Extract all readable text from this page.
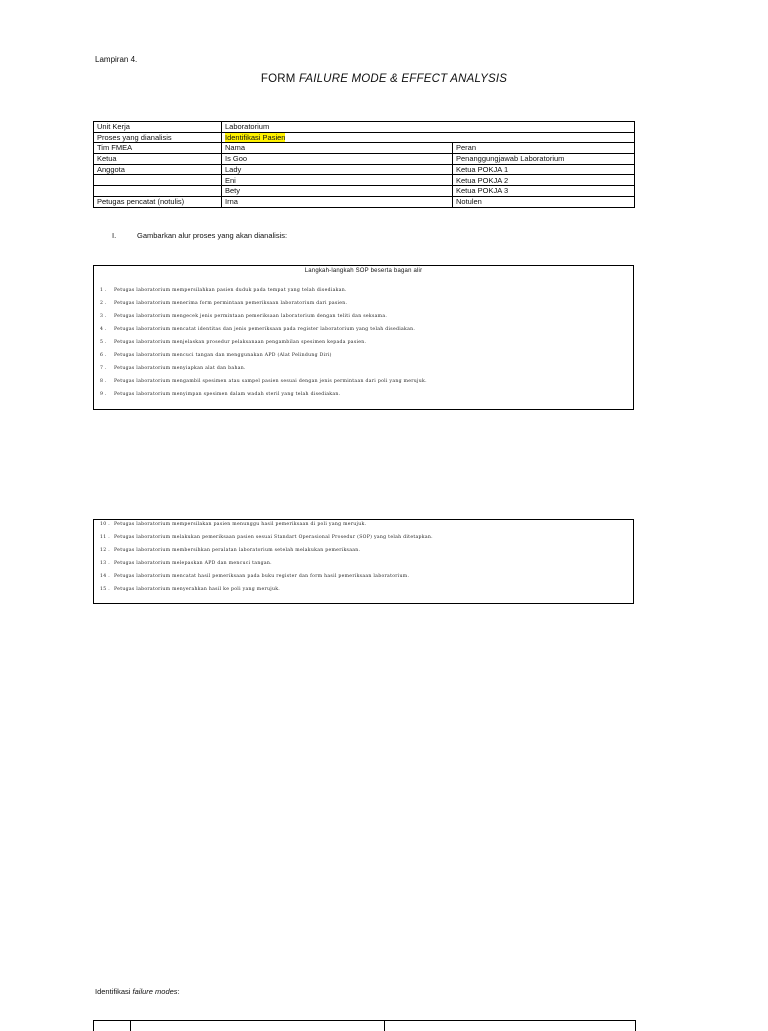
Lampiran 4.
FORM FAILURE MODE & EFFECT ANALYSIS
Unit Kerja	Laboratorium	
Proses yang dianalisis	Identifikasi Pasien	
Tim FMEA	Nama	Peran
Ketua	Is Goo	Penanggungjawab Laboratorium
Anggota	Lady	Ketua POKJA 1
	Eni	Ketua POKJA 2
	Bety	Ketua POKJA 3
Petugas pencatat (notulis)	Irna	Notulen
I.	Gambarkan alur proses yang akan dianalisis:
Langkah-langkah SOP beserta bagan alir
1 . Petugas laboratorium mempersilahkan pasien duduk pada tempat yang telah disediakan.
2 . Petugas laboratorium menerima form permintaan pemeriksaan laboratorium dari pasien.
3 . Petugas laboratorium mengecek jenis permintaan pemeriksaan laboratorium dengan teliti dan seksama.
4 . Petugas laboratorium mencatat identitas dan jenis pemeriksaan pada register laboratorium yang telah disediakan.
5 . Petugas laboratorium menjelaskan prosedur pelaksanaan pengambilan spesimen kepada pasien.
6 . Petugas laboratorium mencuci tangan dan menggunakan APD (Alat Pelindung Diri)
7 . Petugas laboratorium menyiapkan alat dan bahan.
8 . Petugas laboratorium mengambil spesimen atau sampel pasien sesuai dengan jenis permintaan dari poli yang merujuk.
9 . Petugas laboratorium menyimpan spesimen dalam wadah steril yang telah disediakan.
10 . Petugas laboratorium mempersilakan pasien menunggu hasil pemeriksaan di poli yang merujuk.
11 . Petugas laboratorium melakukan pemeriksaan pasien sesuai Standart Operasional Prosedur (SOP) yang telah ditetapkan.
12 . Petugas laboratorium membersihkan peralatan laboratorium setelah melakukan pemeriksaan.
13 . Petugas laboratorium melepaskan APD dan mencuci tangan.
14 . Petugas laboratorium mencatat hasil pemeriksaan pada buku register dan form hasil pemeriksaan laboratorium.
15 . Petugas laboratorium menyerahkan hasil ke poli yang merujuk.
Identifikasi failure modes:
